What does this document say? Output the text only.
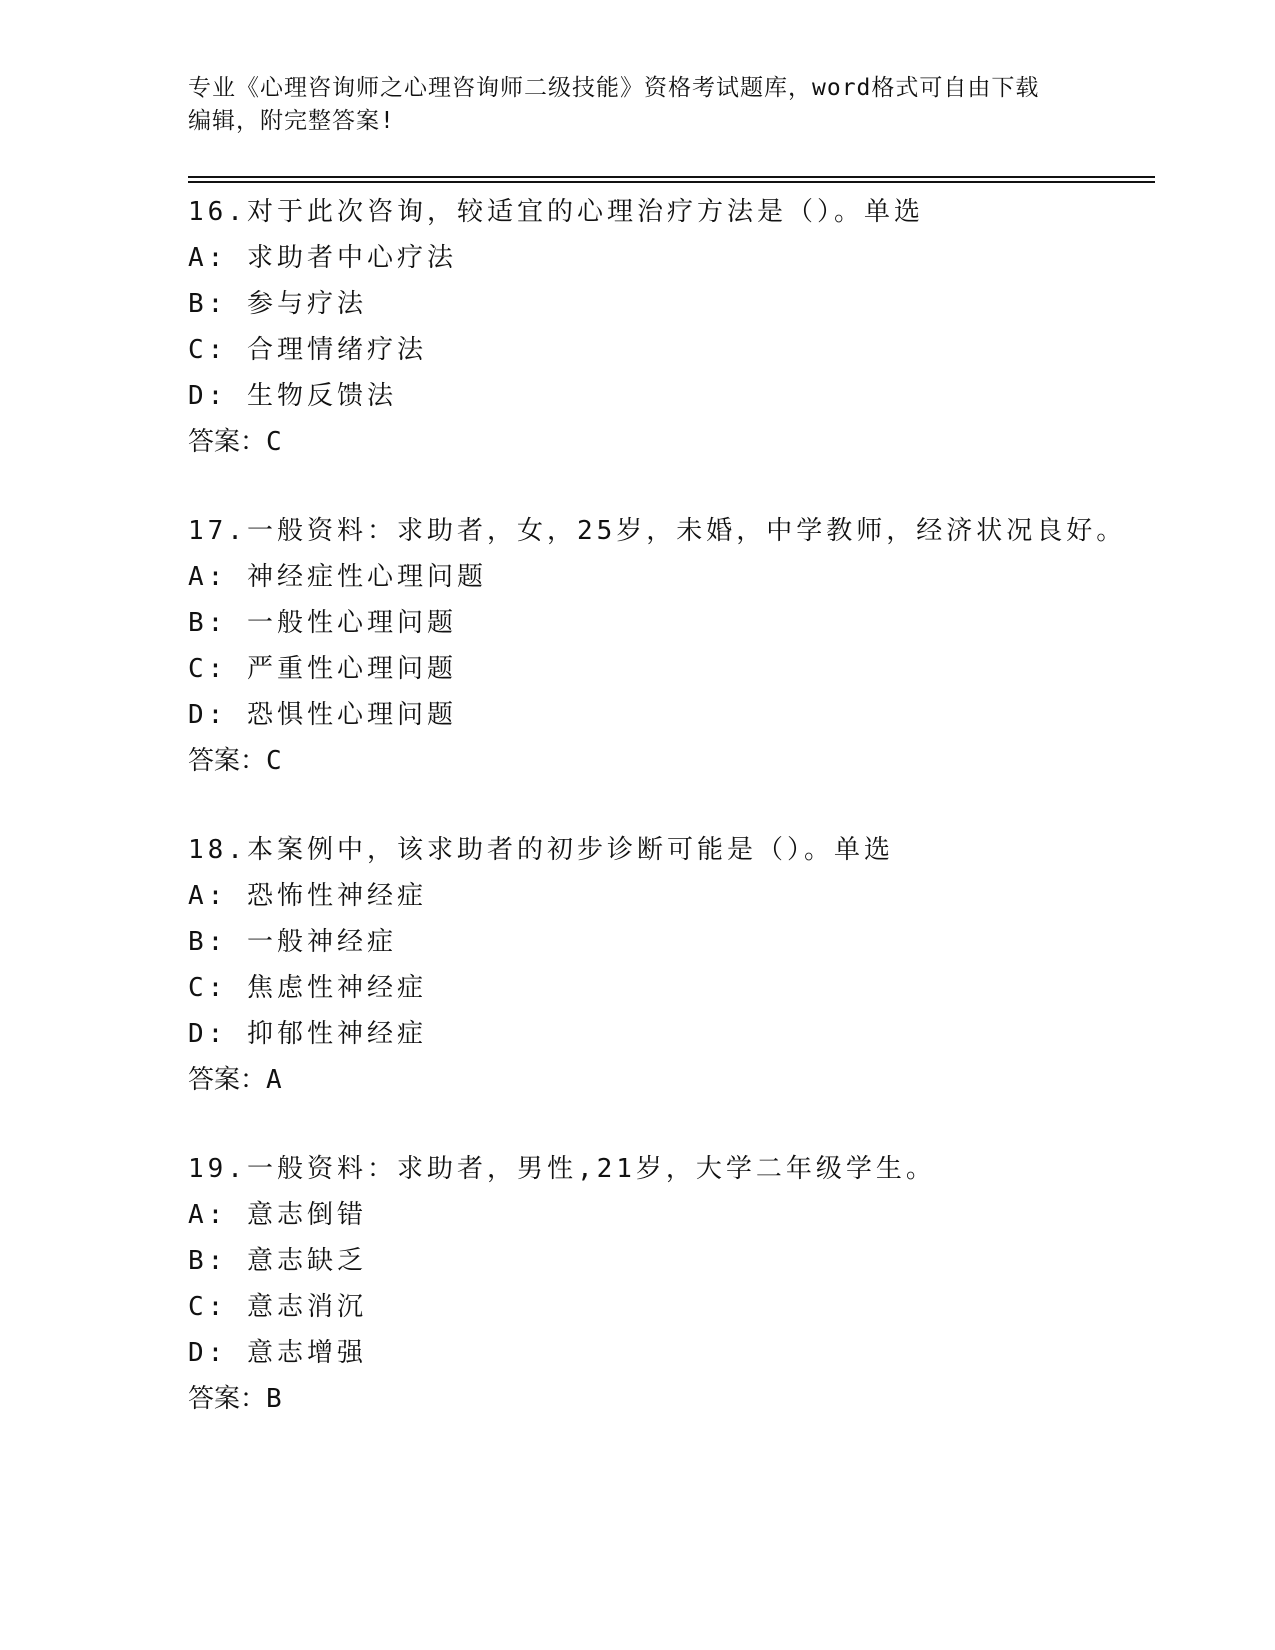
专业《心理咨询师之心理咨询师二级技能》资格考试题库，word格式可自由下载
编辑，附完整答案!
16.对于此次咨询，较适宜的心理治疗方法是（）。单选
A: 求助者中心疗法
B: 参与疗法
C: 合理情绪疗法
D: 生物反馈法
答案：C
17.一般资料：求助者，女，25岁，未婚，中学教师，经济状况良好。
A: 神经症性心理问题
B: 一般性心理问题
C: 严重性心理问题
D: 恐惧性心理问题
答案：C
18.本案例中，该求助者的初步诊断可能是（）。单选
A: 恐怖性神经症
B: 一般神经症
C: 焦虑性神经症
D: 抑郁性神经症
答案：A
19.一般资料：求助者，男性,21岁，大学二年级学生。
A: 意志倒错
B: 意志缺乏
C: 意志消沉
D: 意志增强
答案：B
